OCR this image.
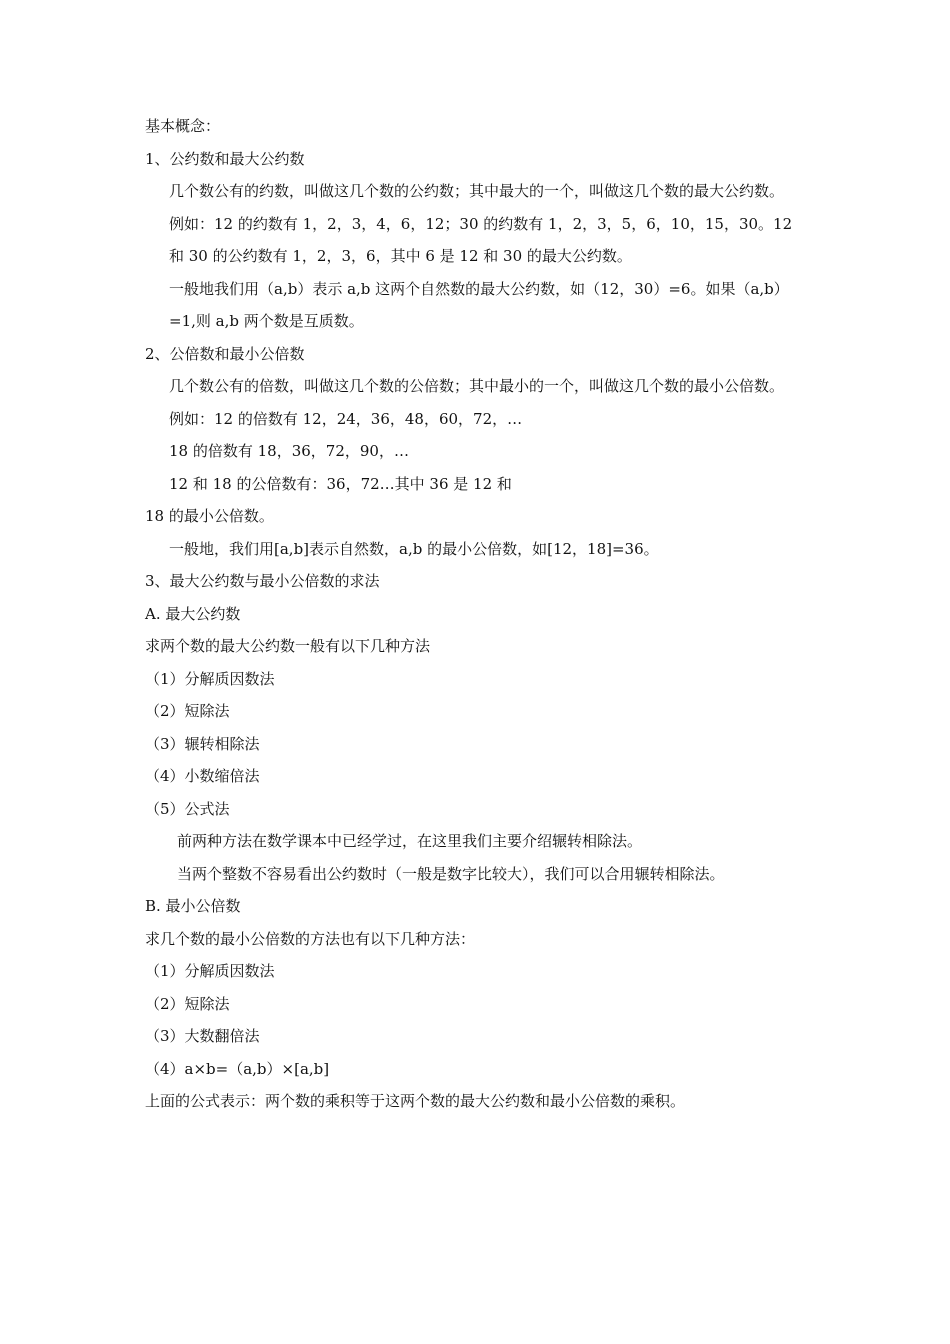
基本概念：

1、公约数和最大公约数

几个数公有的约数，叫做这几个数的公约数；其中最大的一个，叫做这几个数的最大公约数。

例如：12 的约数有 1，2，3，4，6，12；30 的约数有 1，2，3，5，6，10，15，30。12 和 30 的公约数有 1，2，3，6，其中 6 是 12 和 30 的最大公约数。

一般地我们用（a,b）表示 a,b 这两个自然数的最大公约数，如（12，30）=6。如果（a,b）=1,则 a,b 两个数是互质数。

2、公倍数和最小公倍数

几个数公有的倍数，叫做这几个数的公倍数；其中最小的一个，叫做这几个数的最小公倍数。

例如：12 的倍数有 12，24，36，48，60，72，…

18 的倍数有 18，36，72，90，…

12 和 18 的公倍数有：36，72…其中 36 是 12 和

18 的最小公倍数。

一般地，我们用[a,b]表示自然数，a,b 的最小公倍数，如[12，18]=36。

3、最大公约数与最小公倍数的求法

A. 最大公约数

求两个数的最大公约数一般有以下几种方法

（1）分解质因数法

（2）短除法

（3）辗转相除法

（4）小数缩倍法

（5）公式法

前两种方法在数学课本中已经学过，在这里我们主要介绍辗转相除法。

当两个整数不容易看出公约数时（一般是数字比较大），我们可以合用辗转相除法。

B. 最小公倍数

求几个数的最小公倍数的方法也有以下几种方法：

（1）分解质因数法

（2）短除法

（3）大数翻倍法

（4）a×b=（a,b）×[a,b]

上面的公式表示：两个数的乘积等于这两个数的最大公约数和最小公倍数的乘积。
